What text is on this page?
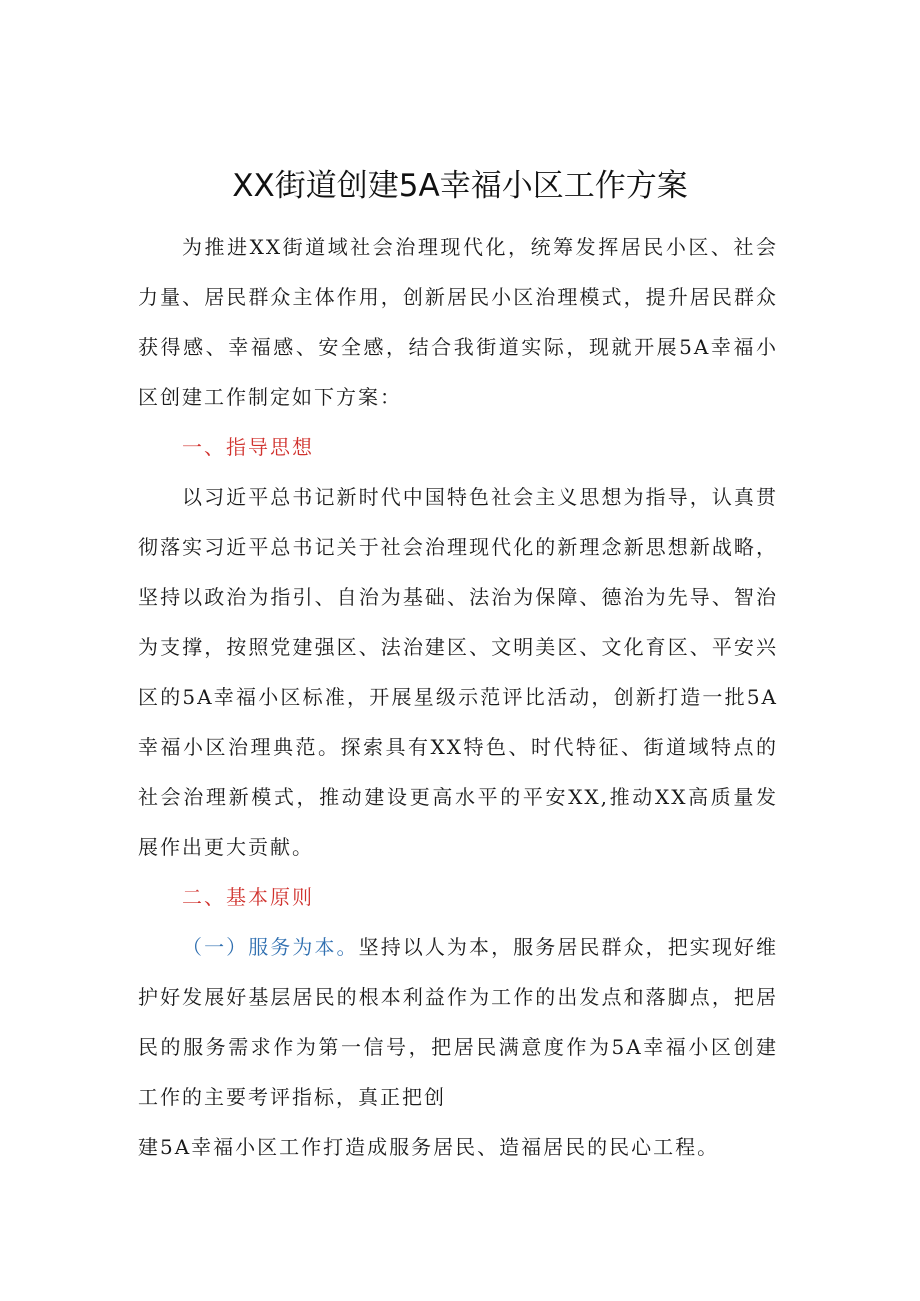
XX街道创建5A幸福小区工作方案

为推进XX街道域社会治理现代化，统筹发挥居民小区、社会力量、居民群众主体作用，创新居民小区治理模式，提升居民群众获得感、幸福感、安全感，结合我街道实际，现就开展5A幸福小区创建工作制定如下方案：

一、指导思想

以习近平总书记新时代中国特色社会主义思想为指导，认真贯彻落实习近平总书记关于社会治理现代化的新理念新思想新战略，坚持以政治为指引、自治为基础、法治为保障、德治为先导、智治为支撑，按照党建强区、法治建区、文明美区、文化育区、平安兴区的5A幸福小区标准，开展星级示范评比活动，创新打造一批5A幸福小区治理典范。探索具有XX特色、时代特征、街道域特点的社会治理新模式，推动建设更高水平的平安XX,推动XX高质量发展作出更大贡献。

二、基本原则

（一）服务为本。坚持以人为本，服务居民群众，把实现好维护好发展好基层居民的根本利益作为工作的出发点和落脚点，把居民的服务需求作为第一信号，把居民满意度作为5A幸福小区创建工作的主要考评指标，真正把创

建5A幸福小区工作打造成服务居民、造福居民的民心工程。
